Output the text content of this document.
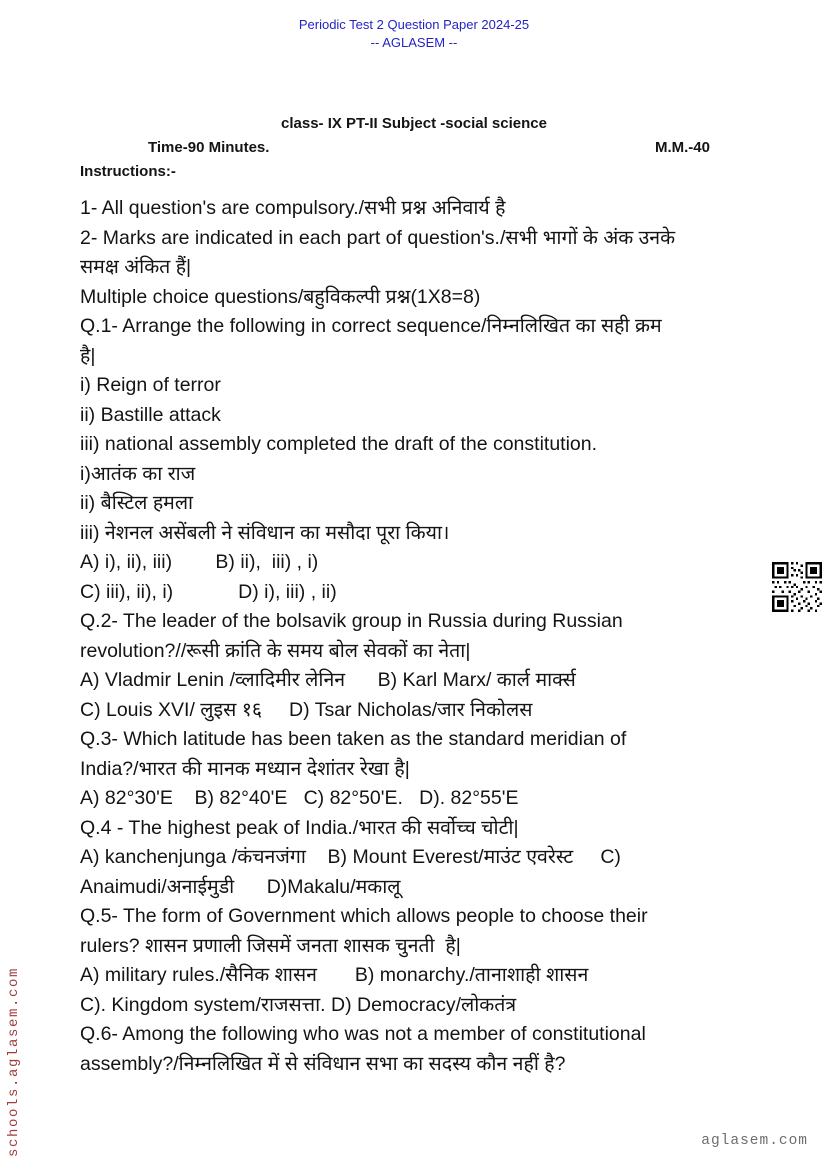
Periodic Test 2 Question Paper 2024-25
-- AGLASEM --
class- IX PT-II Subject -social science
Time-90 Minutes.	M.M.-40
Instructions:-
1- All question's are compulsory./सभी प्रश्न अनिवार्य है
2- Marks are indicated in each part of question's./सभी भागों के अंक उनके
समक्ष अंकित हैं|
Multiple choice questions/बहुविकल्पी प्रश्न(1X8=8)
Q.1- Arrange the following in correct sequence/निम्नलिखित का सही क्रम
है|
i) Reign of terror
ii) Bastille attack
iii) national assembly completed the draft of the constitution.
i)आतंक का राज
ii) बैस्टिल हमला
iii) नेशनल असेंबली ने संविधान का मसौदा पूरा किया।
A) i), ii), iii)        B) ii),  iii) , i)
C) iii), ii), i)            D) i), iii) , ii)
Q.2- The leader of the bolsavik group in Russia during Russian
revolution?//रूसी क्रांति के समय बोल सेवकों का नेता|
A) Vladmir Lenin /व्लादिमीर लेनिन      B) Karl Marx/ कार्ल मार्क्स
C) Louis XVI/ लुइस १६     D) Tsar Nicholas/जार निकोलस
Q.3- Which latitude has been taken as the standard meridian of
India?/भारत की मानक मध्यान देशांतर रेखा है|
A) 82°30'E    B) 82°40'E   C) 82°50'E.   D). 82°55'E
Q.4 - The highest peak of India./भारत की सर्वोच्च चोटी|
A) kanchenjunga /कंचनजंगा    B) Mount Everest/माउंट एवरेस्ट     C)
Anaimudi/अनाईमुडी      D)Makalu/मकालू
Q.5- The form of Government which allows people to choose their
rulers? शासन प्रणाली जिसमें जनता शासक चुनती  है|
A) military rules./सैनिक शासन       B) monarchy./तानाशाही शासन
C). Kingdom system/राजसत्ता. D) Democracy/लोकतंत्र
Q.6- Among the following who was not a member of constitutional
assembly?/निम्नलिखित में से संविधान सभा का सदस्य कौन नहीं है?
schools.aglasem.com	aglasem.com
